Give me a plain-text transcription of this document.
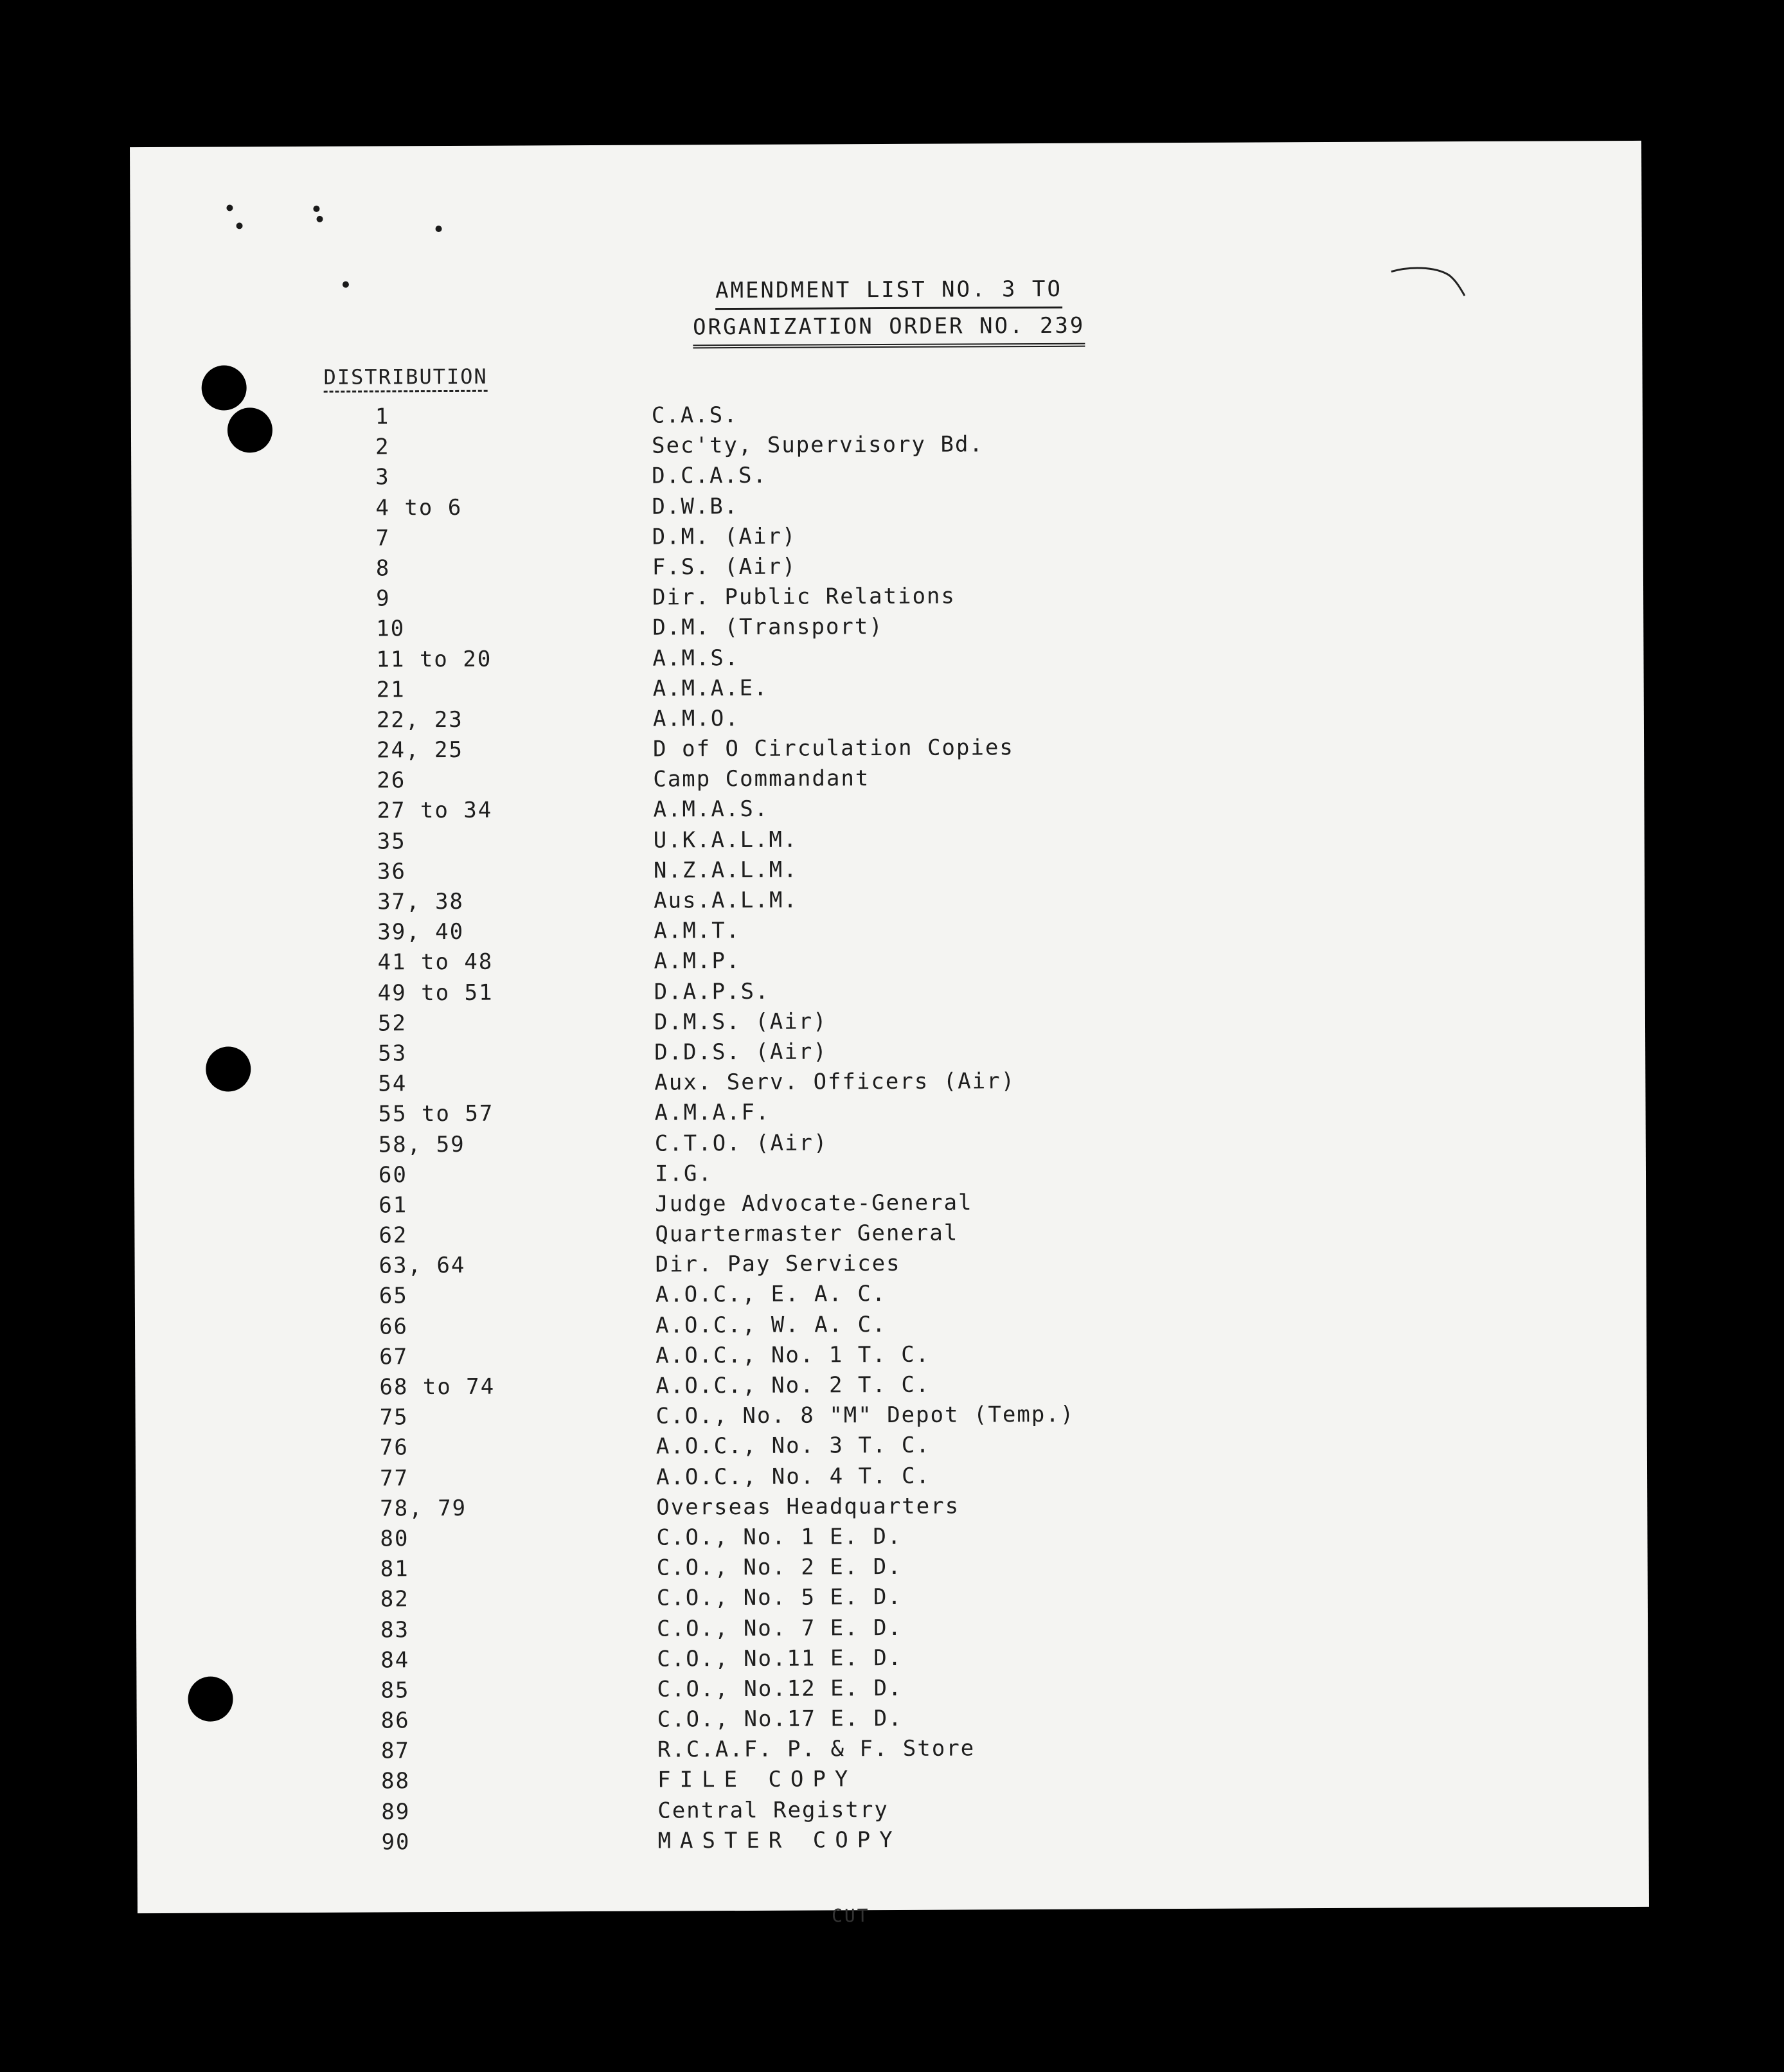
AMENDMENT LIST NO. 3 TO
ORGANIZATION ORDER NO. 239
DISTRIBUTION
1	C.A.S.
2	Sec'ty, Supervisory Bd.
3	D.C.A.S.
4 to 6	D.W.B.
7	D.M. (Air)
8	F.S. (Air)
9	Dir. Public Relations
10	D.M. (Transport)
11 to 20	A.M.S.
21	A.M.A.E.
22, 23	A.M.O.
24, 25	D of O Circulation Copies
26	Camp Commandant
27 to 34	A.M.A.S.
35	U.K.A.L.M.
36	N.Z.A.L.M.
37, 38	Aus.A.L.M.
39, 40	A.M.T.
41 to 48	A.M.P.
49 to 51	D.A.P.S.
52	D.M.S. (Air)
53	D.D.S. (Air)
54	Aux. Serv. Officers (Air)
55 to 57	A.M.A.F.
58, 59	C.T.O. (Air)
60	I.G.
61	Judge Advocate-General
62	Quartermaster General
63, 64	Dir. Pay Services
65	A.O.C., E. A. C.
66	A.O.C., W. A. C.
67	A.O.C., No. 1 T. C.
68 to 74	A.O.C., No. 2 T. C.
75	C.O., No. 8 "M" Depot (Temp.)
76	A.O.C., No. 3 T. C.
77	A.O.C., No. 4 T. C.
78, 79	Overseas Headquarters
80	C.O., No. 1 E. D.
81	C.O., No. 2 E. D.
82	C.O., No. 5 E. D.
83	C.O., No. 7 E. D.
84	C.O., No.11 E. D.
85	C.O., No.12 E. D.
86	C.O., No.17 E. D.
87	R.C.A.F. P. & F. Store
88	FILE COPY
89	Central Registry
90	MASTER COPY
CUT
